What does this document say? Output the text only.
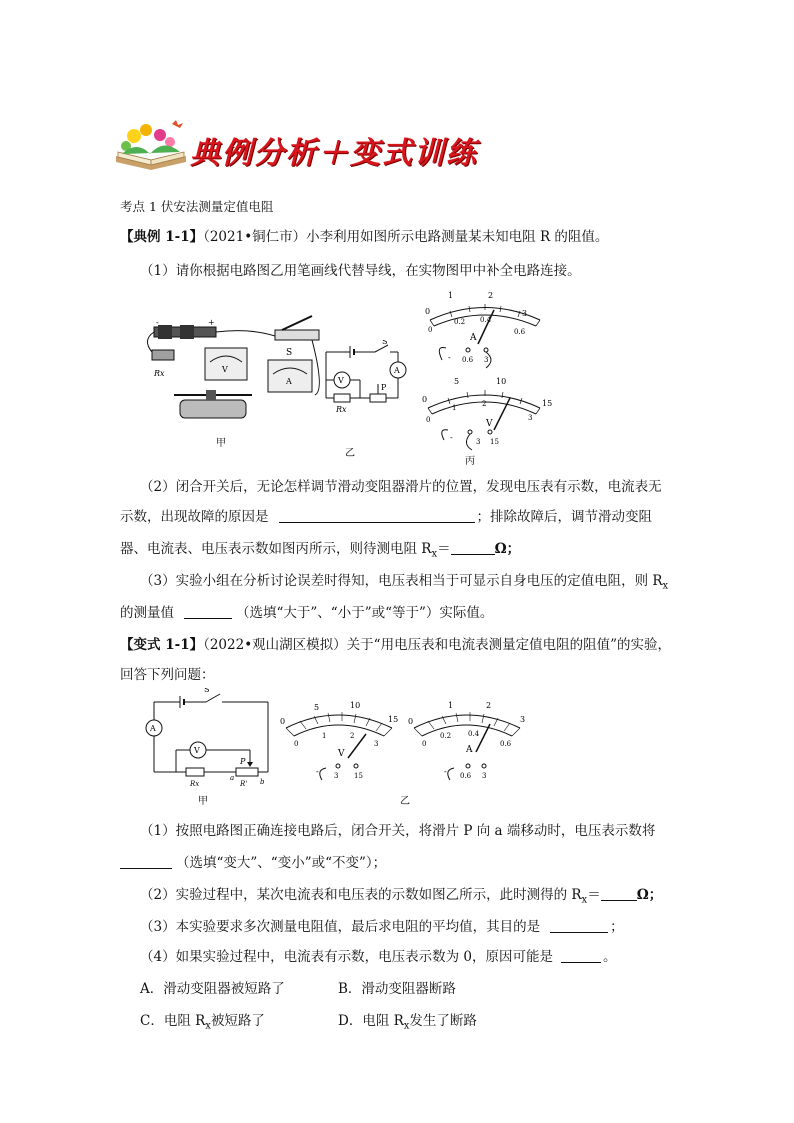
典例分析＋变式训练
考点 1 伏安法测量定值电阻
【典例 1-1】（2021•铜仁市）小李利用如图所示电路测量某未知电阻 R 的阻值。
（1）请你根据电路图乙用笔画线代替导线，在实物图甲中补全电路连接。
-	+
S
Rx	V
A
甲
S
A
V
P
Rx
乙
0
1	2
3
0
0.2 0.4
0.6
A
- 0.6 3
0
5	10
15
0
1	2
3
V
-	3 15
丙
（2）闭合开关后，无论怎样调节滑动变阻器滑片的位置，发现电压表有示数，电流表无
示数，出现故障的原因是	；排除故障后，调节滑动变阻
器、电流表、电压表示数如图丙所示，则待测电阻 $R_x=$	Ω；
（3）实验小组在分析讨论误差时得知，电压表相当于可显示自身电压的定值电阻，则 $R_x$
的测量值	（选填“大于”、“小于”或“等于”）实际值。
【变式 1-1】（2022•观山湖区模拟）关于“用电压表和电流表测量定值电阻的阻值”的实验，
回答下列问题：
S
A
V
P
a	b
Rx	R'
甲
0
5	10
15
0
1	2
3
V
- 3 15
0
1	2
3
0
0.2 0.4
0.6
A
- 0.6 3
乙
（1）按照电路图正确连接电路后，闭合开关，将滑片 P 向 a 端移动时，电压表示数将
（选填“变大”、“变小”或“不变”）；
（2）实验过程中，某次电流表和电压表的示数如图乙所示，此时测得的 $R_x=$	Ω；
（3）本实验要求多次测量电阻值，最后求电阻的平均值，其目的是	；
（4）如果实验过程中，电流表有示数，电压表示数为 0，原因可能是	。
A．滑动变阻器被短路了	B．滑动变阻器断路
C．电阻 $R_x$被短路了	D．电阻 $R_x$发生了断路
